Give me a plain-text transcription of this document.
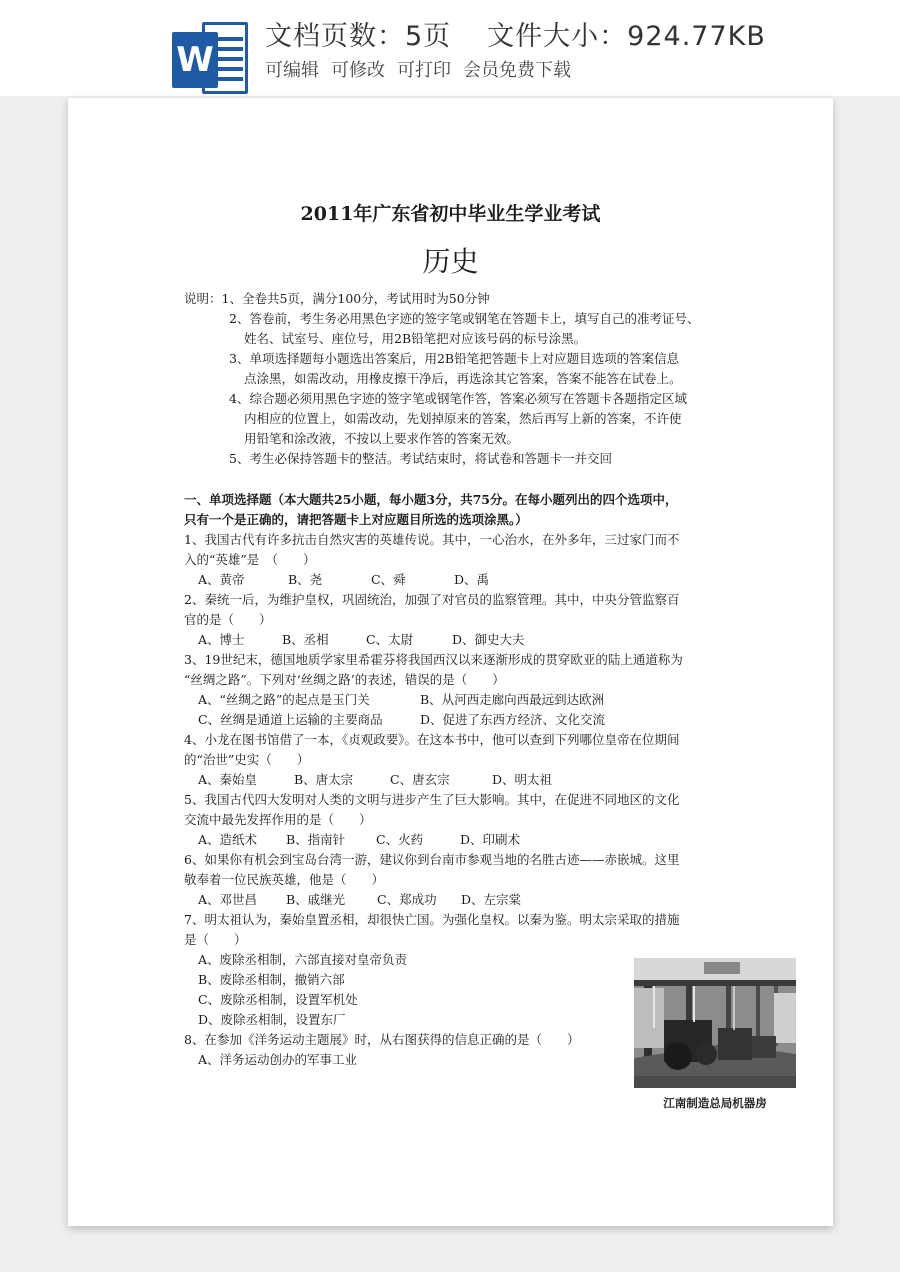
W
文档页数：5页 文件大小：924.77KB
可编辑 可修改 可打印 会员免费下载
2011年广东省初中毕业生学业考试
历史
说明：1、全卷共5页，满分100分，考试用时为50分钟
2、答卷前，考生务必用黑色字迹的签字笔或钢笔在答题卡上，填写自己的准考证号、
姓名、试室号、座位号，用2B铅笔把对应该号码的标号涂黑。
3、单项选择题每小题选出答案后，用2B铅笔把答题卡上对应题目选项的答案信息
点涂黑，如需改动，用橡皮擦干净后，再选涂其它答案，答案不能答在试卷上。
4、综合题必须用黑色字迹的签字笔或钢笔作答，答案必须写在答题卡各题指定区域
内相应的位置上，如需改动，先划掉原来的答案，然后再写上新的答案，不许使
用铅笔和涂改液，不按以上要求作答的答案无效。
5、考生必保持答题卡的整洁。考试结束时，将试卷和答题卡一并交回
一、单项选择题（本大题共25小题，每小题3分，共75分。在每小题列出的四个选项中，
只有一个是正确的，请把答题卡上对应题目所选的选项涂黑。）
1、我国古代有许多抗击自然灾害的英雄传说。其中，一心治水，在外多年，三过家门而不
入的“英雄”是　（　　）
A、黄帝	B、尧	C、舜	D、禹
2、秦统一后，为维护皇权，巩固统治，加强了对官员的监察管理。其中，中央分管监察百
官的是（　　）
A、博士	B、丞相	C、太尉	D、御史大夫
3、19世纪末，德国地质学家里希霍芬将我国西汉以来逐渐形成的贯穿欧亚的陆上通道称为
“丝绸之路”。下列对‘丝绸之路’的表述，错误的是（　　）
A、“丝绸之路”的起点是玉门关	B、从河西走廊向西最远到达欧洲
C、丝绸是通道上运输的主要商品	D、促进了东西方经济、文化交流
4、小龙在图书馆借了一本，《贞观政要》。在这本书中，他可以查到下列哪位皇帝在位期间
的“治世”史实（　　）
A、秦始皇	B、唐太宗	C、唐玄宗	D、明太祖
5、我国古代四大发明对人类的文明与进步产生了巨大影响。其中，在促进不同地区的文化
交流中最先发挥作用的是（　　）
A、造纸术 B、指南针 C、火药	D、印刷术
6、如果你有机会到宝岛台湾一游，建议你到台南市参观当地的名胜古迹——赤嵌城。这里
敬奉着一位民族英雄，他是（　　）
A、邓世昌 B、戚继光	C、郑成功 D、左宗棠
7、明太祖认为，秦始皇置丞相，却很快亡国。为强化皇权。以秦为鉴。明太宗采取的措施
是（　　）
A、废除丞相制，六部直接对皇帝负责
B、废除丞相制，撤销六部
C、废除丞相制，设置军机处
D、废除丞相制，设置东厂
8、在参加《洋务运动主题展》时，从右图获得的信息正确的是（　　）
A、洋务运动创办的军事工业
江南制造总局机器房
